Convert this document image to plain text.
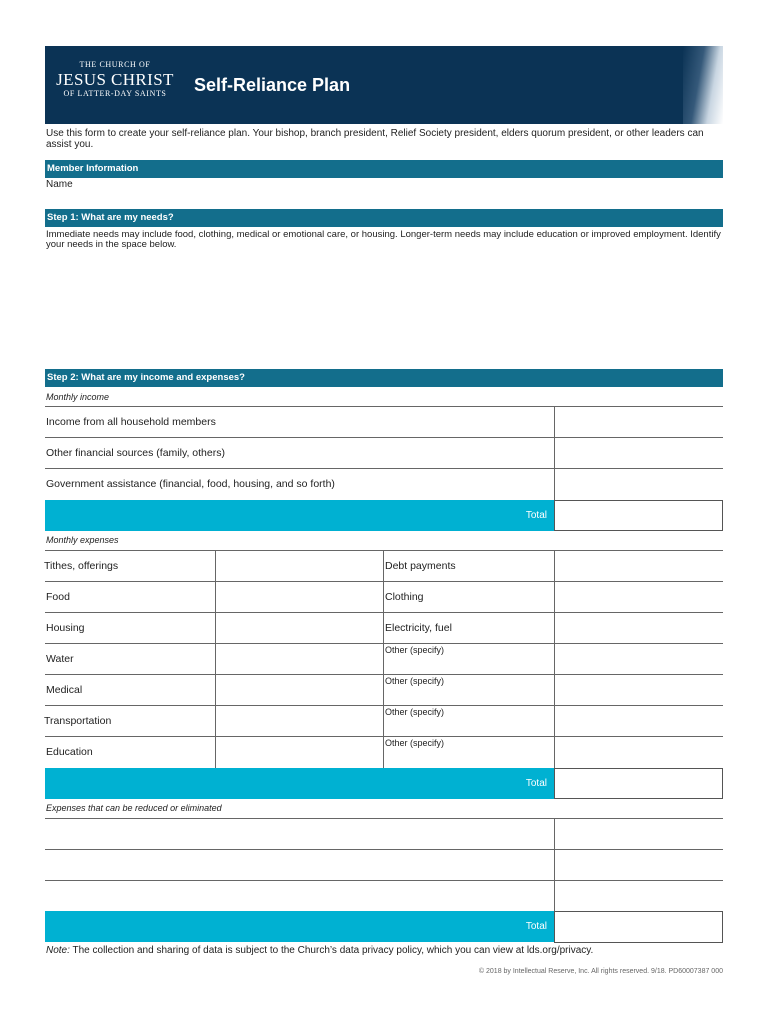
THE CHURCH OF
JESUS CHRIST
OF LATTER-DAY SAINTS	Self-Reliance Plan
Use this form to create your self-reliance plan. Your bishop, branch president, Relief Society president, elders quorum president, or other leaders can assist you.
Member Information
Name
Step 1: What are my needs?
Immediate needs may include food, clothing, medical or emotional care, or housing. Longer-term needs may include education or improved employment. Identify your needs in the space below.
Step 2: What are my income and expenses?
Monthly income
Income from all household members
Other financial sources (family, others)
Government assistance (financial, food, housing, and so forth)
Total
Monthly expenses
Tithes, offerings
Food
Housing
Water
Medical
Transportation
Education
Debt payments
Clothing
Electricity, fuel
Other (specify)
Other (specify)
Other (specify)
Other (specify)
Total
Expenses that can be reduced or eliminated
Total
Note: The collection and sharing of data is subject to the Church’s data privacy policy, which you can view at lds.org/privacy.
© 2018 by Intellectual Reserve, Inc. All rights reserved. 9/18. PD60007387 000
